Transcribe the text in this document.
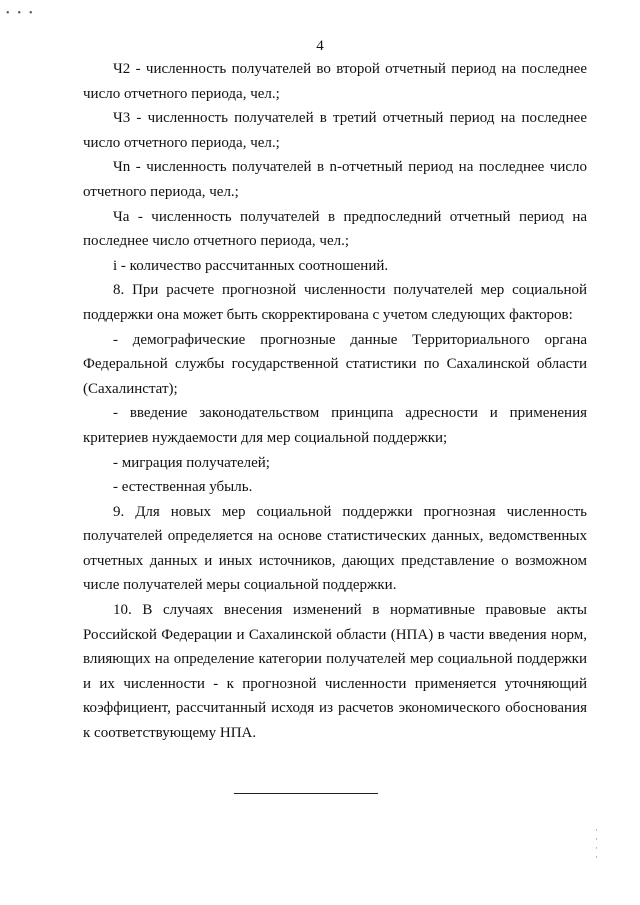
•••
4

Ч2 - численность получателей во второй отчетный период на последнее число отчетного периода, чел.;

Ч3 - численность получателей в третий отчетный период на последнее число отчетного периода, чел.;

Чn - численность получателей в n-отчетный период на последнее число отчетного периода, чел.;

Ча - численность получателей в предпоследний отчетный период на последнее число отчетного периода, чел.;

i - количество рассчитанных соотношений.

8. При расчете прогнозной численности получателей мер социальной поддержки она может быть скорректирована с учетом следующих факторов:

- демографические прогнозные данные Территориального органа Федеральной службы государственной статистики по Сахалинской области (Сахалинстат);

- введение законодательством принципа адресности и применения критериев нуждаемости для мер социальной поддержки;

- миграция получателей;

- естественная убыль.

9. Для новых мер социальной поддержки прогнозная численность получателей определяется на основе статистических данных, ведомственных отчетных данных и иных источников, дающих представление о возможном числе получателей меры социальной поддержки.

10. В случаях внесения изменений в нормативные правовые акты Российской Федерации и Сахалинской области (НПА) в части введения норм, влияющих на определение категории получателей мер социальной поддержки и их численности - к прогнозной численности применяется уточняющий коэффициент, рассчитанный исходя из расчетов экономического обоснования к соответствующему НПА.

·
·
·
·
